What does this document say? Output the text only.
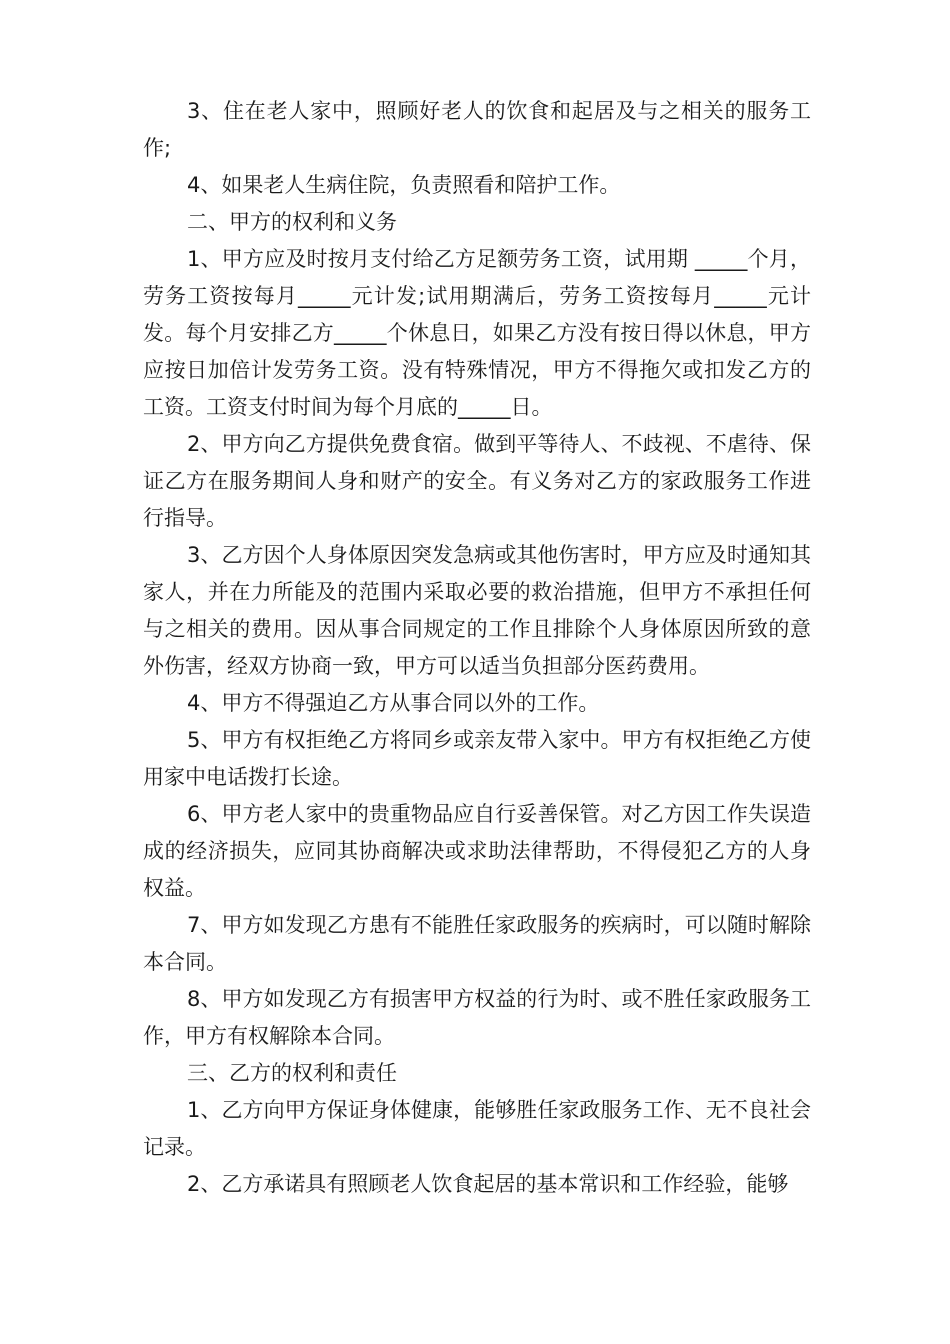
3、住在老人家中，照顾好老人的饮食和起居及与之相关的服务工作;

4、如果老人生病住院，负责照看和陪护工作。

二、甲方的权利和义务

1、甲方应及时按月支付给乙方足额劳务工资，试用期 _____个月，劳务工资按每月_____元计发;试用期满后，劳务工资按每月_____元计发。每个月安排乙方_____个休息日，如果乙方没有按日得以休息，甲方应按日加倍计发劳务工资。没有特殊情况，甲方不得拖欠或扣发乙方的工资。工资支付时间为每个月底的_____日。

2、甲方向乙方提供免费食宿。做到平等待人、不歧视、不虐待、保证乙方在服务期间人身和财产的安全。有义务对乙方的家政服务工作进行指导。

3、乙方因个人身体原因突发急病或其他伤害时，甲方应及时通知其家人，并在力所能及的范围内采取必要的救治措施，但甲方不承担任何与之相关的费用。因从事合同规定的工作且排除个人身体原因所致的意外伤害，经双方协商一致，甲方可以适当负担部分医药费用。

4、甲方不得强迫乙方从事合同以外的工作。

5、甲方有权拒绝乙方将同乡或亲友带入家中。甲方有权拒绝乙方使用家中电话拨打长途。

6、甲方老人家中的贵重物品应自行妥善保管。对乙方因工作失误造成的经济损失，应同其协商解决或求助法律帮助，不得侵犯乙方的人身权益。

7、甲方如发现乙方患有不能胜任家政服务的疾病时，可以随时解除本合同。

8、甲方如发现乙方有损害甲方权益的行为时、或不胜任家政服务工作，甲方有权解除本合同。

三、乙方的权利和责任

1、乙方向甲方保证身体健康，能够胜任家政服务工作、无不良社会记录。

2、乙方承诺具有照顾老人饮食起居的基本常识和工作经验，能够
